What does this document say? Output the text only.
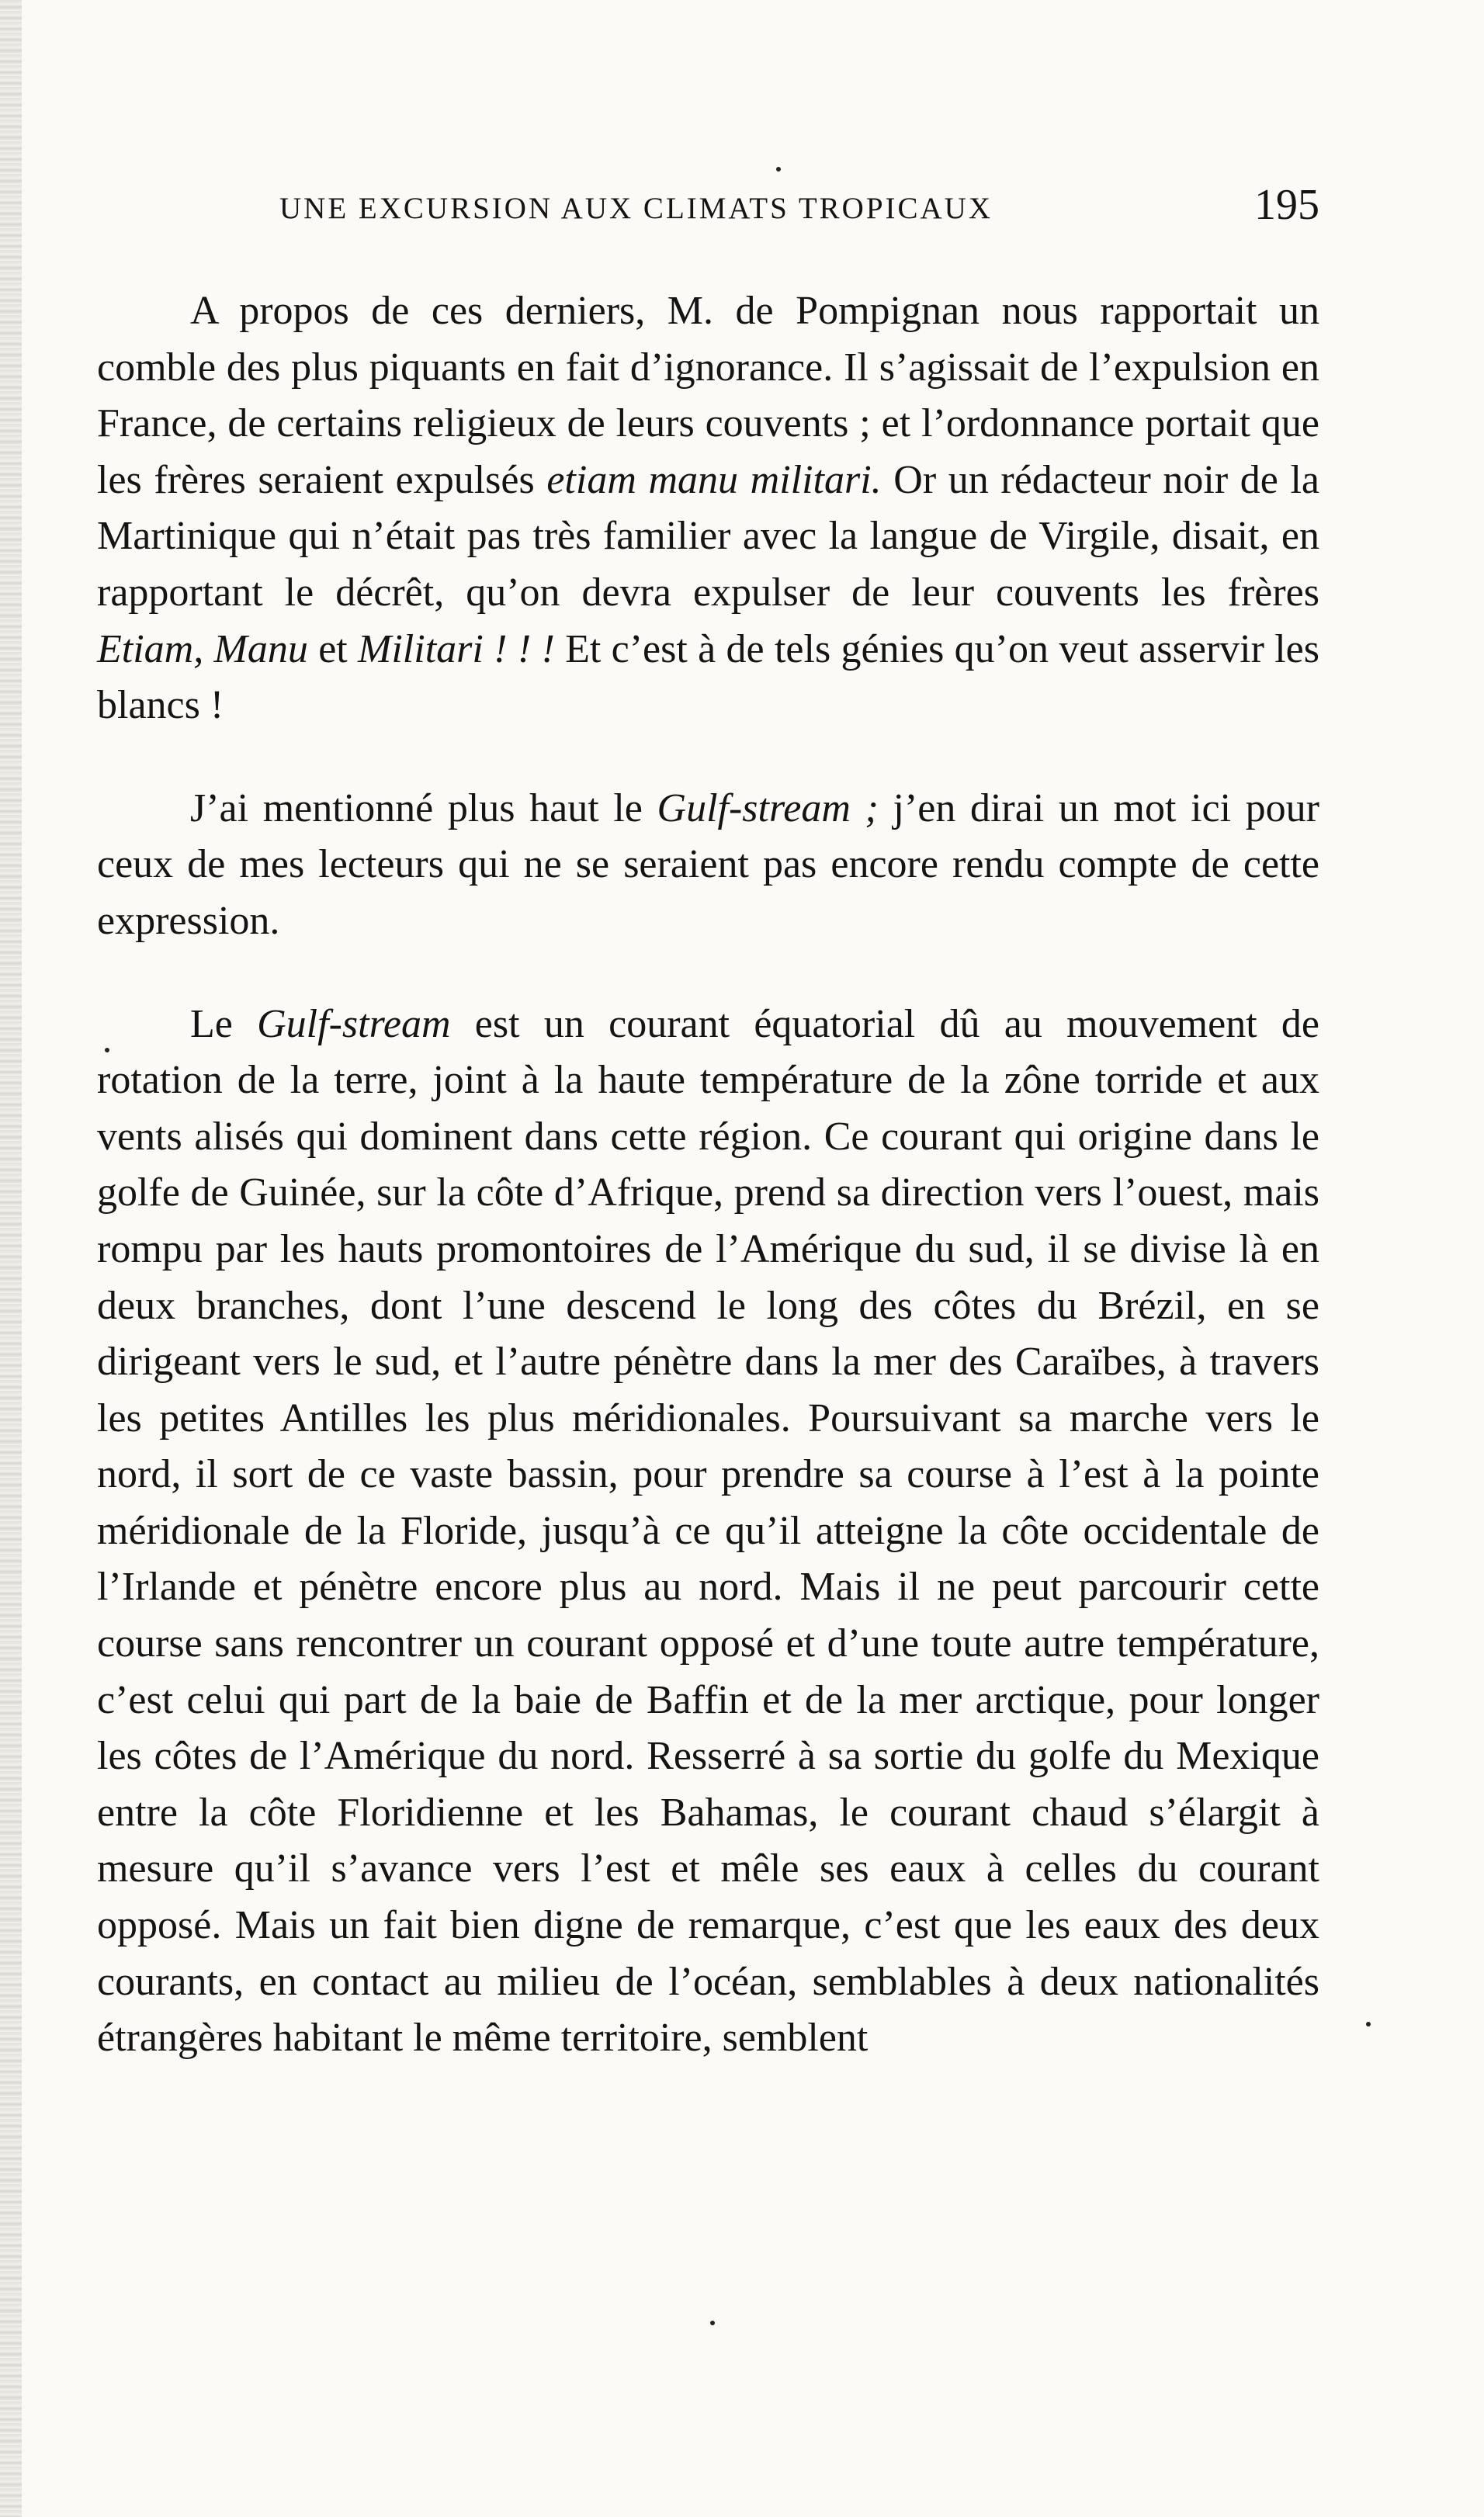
UNE EXCURSION AUX CLIMATS TROPICAUX	195

A propos de ces derniers, M. de Pompignan nous rapportait un comble des plus piquants en fait d’ignorance. Il s’agissait de l’expulsion en France, de certains religieux de leurs couvents ; et l’ordonnance portait que les frères seraient expulsés etiam manu militari. Or un rédacteur noir de la Martinique qui n’était pas très familier avec la langue de Virgile, disait, en rapportant le décrêt, qu’on devra expulser de leur couvents les frères Etiam, Manu et Militari ! ! ! Et c’est à de tels génies qu’on veut asservir les blancs !

J’ai mentionné plus haut le Gulf-stream ; j’en dirai un mot ici pour ceux de mes lecteurs qui ne se seraient pas encore rendu compte de cette expression.

Le Gulf-stream est un courant équatorial dû au mouvement de rotation de la terre, joint à la haute température de la zône torride et aux vents alisés qui dominent dans cette région. Ce courant qui origine dans le golfe de Guinée, sur la côte d’Afrique, prend sa direction vers l’ouest, mais rompu par les hauts promontoires de l’Amérique du sud, il se divise là en deux branches, dont l’une descend le long des côtes du Brézil, en se dirigeant vers le sud, et l’autre pénètre dans la mer des Caraïbes, à travers les petites Antilles les plus méridionales. Poursuivant sa marche vers le nord, il sort de ce vaste bassin, pour prendre sa course à l’est à la pointe méridionale de la Floride, jusqu’à ce qu’il atteigne la côte occidentale de l’Irlande et pénètre encore plus au nord. Mais il ne peut parcourir cette course sans rencontrer un courant opposé et d’une toute autre température, c’est celui qui part de la baie de Baffin et de la mer arctique, pour longer les côtes de l’Amérique du nord. Resserré à sa sortie du golfe du Mexique entre la côte Floridienne et les Bahamas, le courant chaud s’élargit à mesure qu’il s’avance vers l’est et mêle ses eaux à celles du courant opposé. Mais un fait bien digne de remarque, c’est que les eaux des deux courants, en contact au milieu de l’océan, semblables à deux nationalités étrangères habitant le même territoire, semblent
